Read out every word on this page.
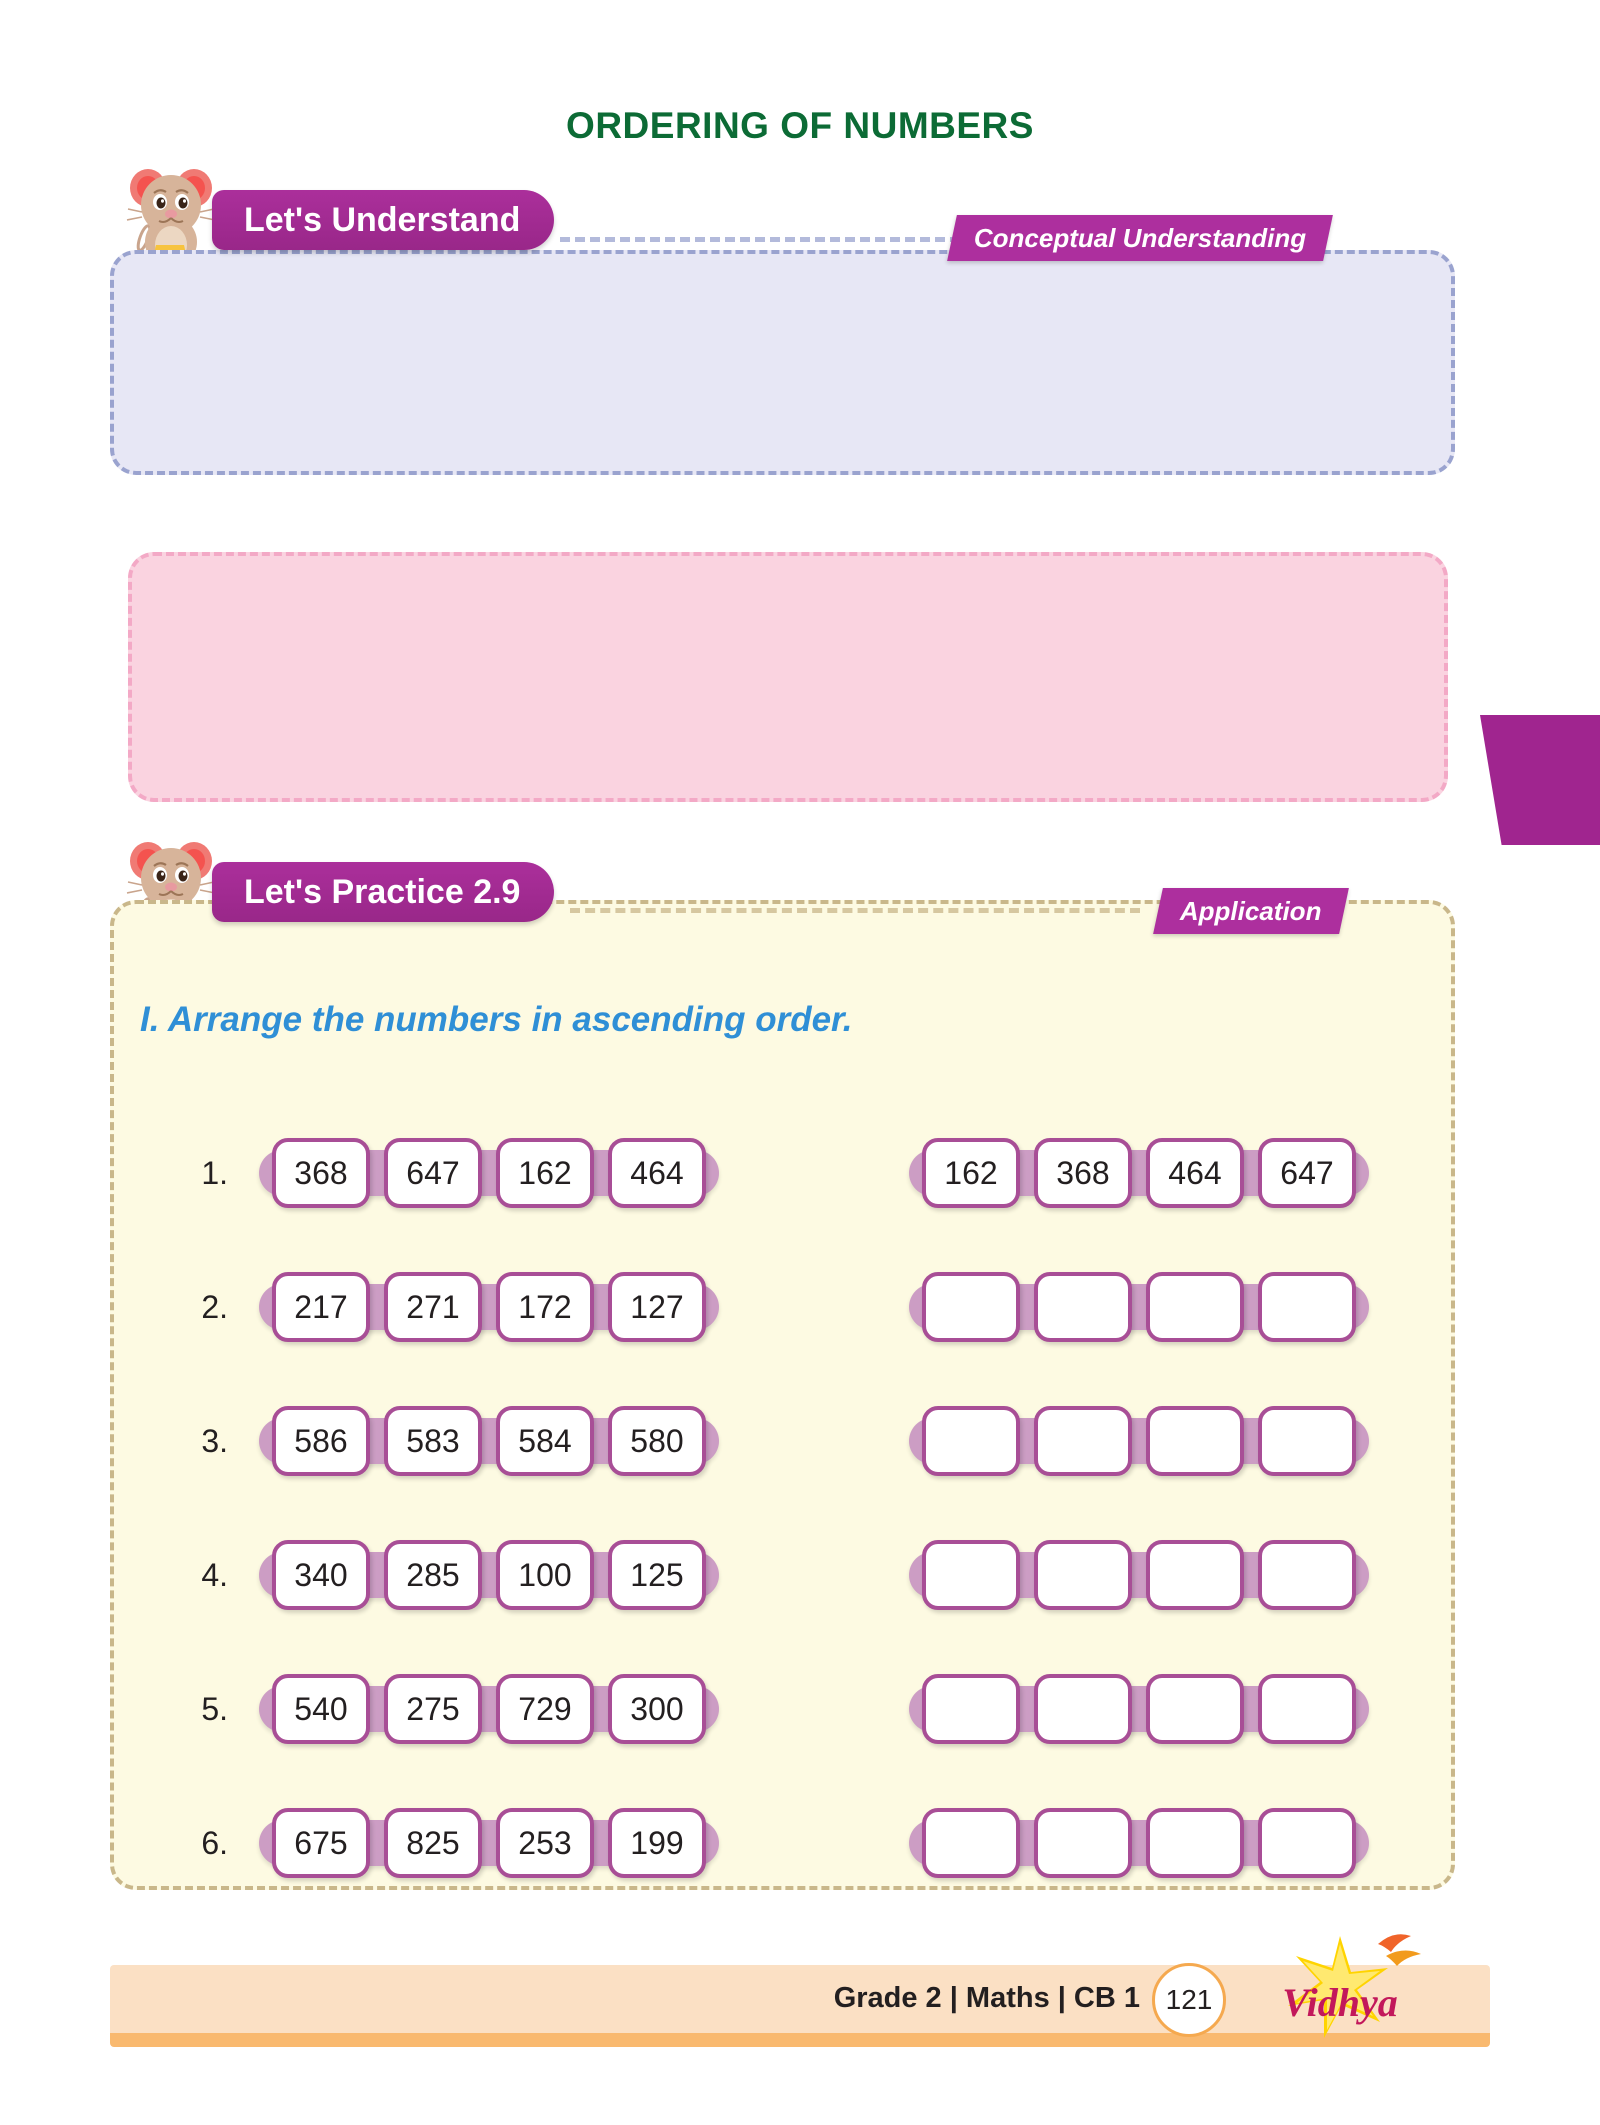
ORDERING OF NUMBERS
Let's Understand	Conceptual Understanding
Let's Practice 2.9	Application
I. Arrange the numbers in ascending order.
1.	368	647	162	464	162	368	464	647
2.	217	271	172	127
3.	586	583	584	580
4.	340	285	100	125
5.	540	275	729	300
6.	675	825	253	199
Grade 2 | Maths | CB 1 121	Vidhya
